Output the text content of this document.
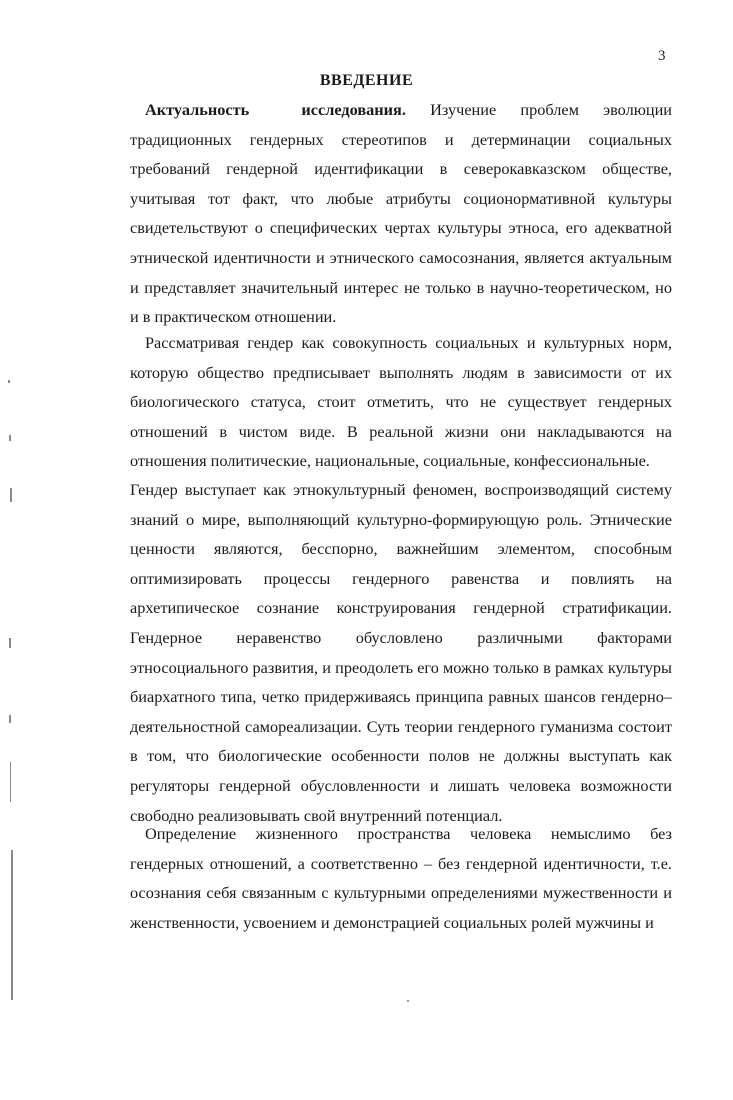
3
ВВЕДЕНИЕ

Актуальность исследования. Изучение проблем эволюции традиционных гендерных стереотипов и детерминации социальных требований гендерной идентификации в северокавказском обществе, учитывая тот факт, что любые атрибуты соционормативной культуры свидетельствуют о специфических чертах культуры этноса, его адекватной этнической идентичности и этнического самосознания, является актуальным и представляет значительный интерес не только в научно-теоретическом, но и в практическом отношении.

Рассматривая гендер как совокупность социальных и культурных норм, которую общество предписывает выполнять людям в зависимости от их биологического статуса, стоит отметить, что не существует гендерных отношений в чистом виде. В реальной жизни они накладываются на отношения политические, национальные, социальные, конфессиональные.

Гендер выступает как этнокультурный феномен, воспроизводящий систему знаний о мире, выполняющий культурно-формирующую роль. Этнические ценности являются, бесспорно, важнейшим элементом, способным оптимизировать процессы гендерного равенства и повлиять на архетипическое сознание конструирования гендерной стратификации. Гендерное неравенство обусловлено различными факторами этносоциального развития, и преодолеть его можно только в рамках культуры биархатного типа, четко придерживаясь принципа равных шансов гендерно–деятельностной самореализации. Суть теории гендерного гуманизма состоит в том, что биологические особенности полов не должны выступать как регуляторы гендерной обусловленности и лишать человека возможности свободно реализовывать свой внутренний потенциал.

Определение жизненного пространства человека немыслимо без гендерных отношений, а соответственно – без гендерной идентичности, т.е. осознания себя связанным с культурными определениями мужественности и женственности, усвоением и демонстрацией социальных ролей мужчины и
